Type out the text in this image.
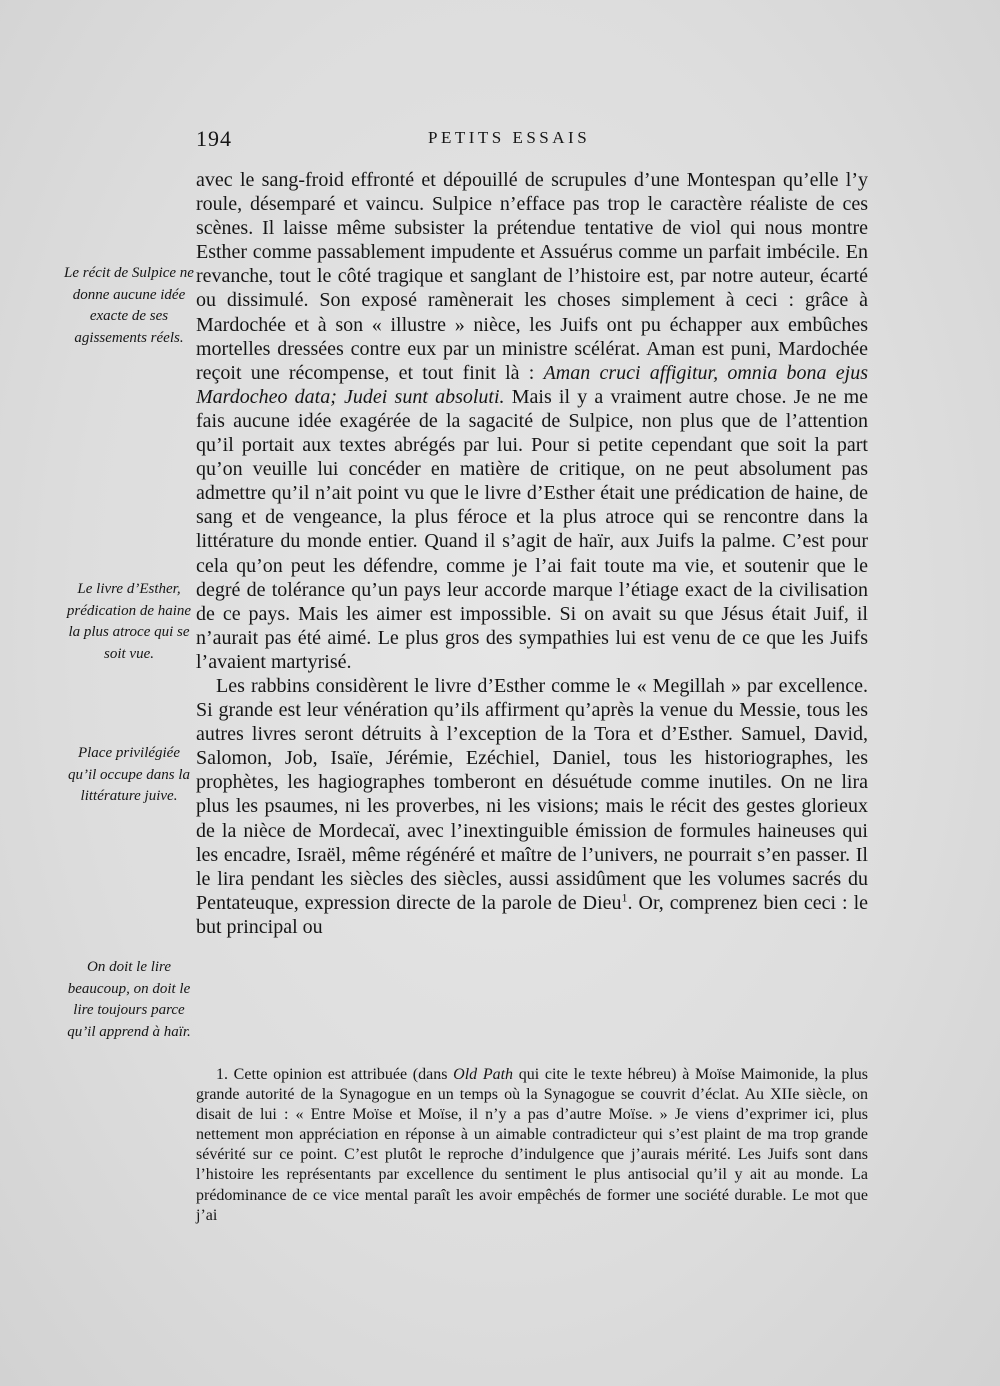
194	PETITS ESSAIS

avec le sang-froid effronté et dépouillé de scrupules d’une Montespan qu’elle l’y roule, désemparé et vaincu. Sulpice n’efface pas trop le caractère réaliste de ces scènes. Il laisse même subsister la prétendue tentative de viol qui nous montre Esther comme passablement impudente et Assuérus comme un parfait imbécile. En revanche, tout le côté tragique et sanglant de l’histoire est, par notre auteur, écarté ou dissimulé. Son exposé ramènerait les choses simplement à ceci : grâce à Mardochée et à son « illustre » nièce, les Juifs ont pu échapper aux embûches mortelles dressées contre eux par un ministre scélérat. Aman est puni, Mardochée reçoit une récompense, et tout finit là : Aman cruci affigitur, omnia bona ejus Mardocheo data; Judei sunt absoluti. Mais il y a vraiment autre chose. Je ne me fais aucune idée exagérée de la sagacité de Sulpice, non plus que de l’attention qu’il portait aux textes abrégés par lui. Pour si petite cependant que soit la part qu’on veuille lui concéder en matière de critique, on ne peut absolument pas admettre qu’il n’ait point vu que le livre d’Esther était une prédication de haine, de sang et de vengeance, la plus féroce et la plus atroce qui se rencontre dans la littérature du monde entier. Quand il s’agit de haïr, aux Juifs la palme. C’est pour cela qu’on peut les défendre, comme je l’ai fait toute ma vie, et soutenir que le degré de tolérance qu’un pays leur accorde marque l’étiage exact de la civilisation de ce pays. Mais les aimer est impossible. Si on avait su que Jésus était Juif, il n’aurait pas été aimé. Le plus gros des sympathies lui est venu de ce que les Juifs l’avaient martyrisé.

Les rabbins considèrent le livre d’Esther comme le « Megillah » par excellence. Si grande est leur vénération qu’ils affirment qu’après la venue du Messie, tous les autres livres seront détruits à l’exception de la Tora et d’Esther. Samuel, David, Salomon, Job, Isaïe, Jérémie, Ezéchiel, Daniel, tous les historiographes, les prophètes, les hagiographes tomberont en désuétude comme inutiles. On ne lira plus les psaumes, ni les proverbes, ni les visions; mais le récit des gestes glorieux de la nièce de Mordecaï, avec l’inextinguible émission de formules haineuses qui les encadre, Israël, même régénéré et maître de l’univers, ne pourrait s’en passer. Il le lira pendant les siècles des siècles, aussi assidûment que les volumes sacrés du Pentateuque, expression directe de la parole de Dieu$^1$. Or, comprenez bien ceci : le but principal ou

Le récit de Sulpice ne donne aucune idée exacte de ses agissements réels.
Le livre d’Esther, prédication de haine la plus atroce qui se soit vue.
Place privilégiée qu’il occupe dans la littérature juive.
On doit le lire beaucoup, on doit le lire toujours parce qu’il apprend à haïr.

1. Cette opinion est attribuée (dans Old Path qui cite le texte hébreu) à Moïse Maimonide, la plus grande autorité de la Synagogue en un temps où la Synagogue se couvrit d’éclat. Au XIIe siècle, on disait de lui : « Entre Moïse et Moïse, il n’y a pas d’autre Moïse. » Je viens d’exprimer ici, plus nettement mon appréciation en réponse à un aimable contradicteur qui s’est plaint de ma trop grande sévérité sur ce point. C’est plutôt le reproche d’indulgence que j’aurais mérité. Les Juifs sont dans l’histoire les représentants par excellence du sentiment le plus antisocial qu’il y ait au monde. La prédominance de ce vice mental paraît les avoir empêchés de former une société durable. Le mot que j’ai
